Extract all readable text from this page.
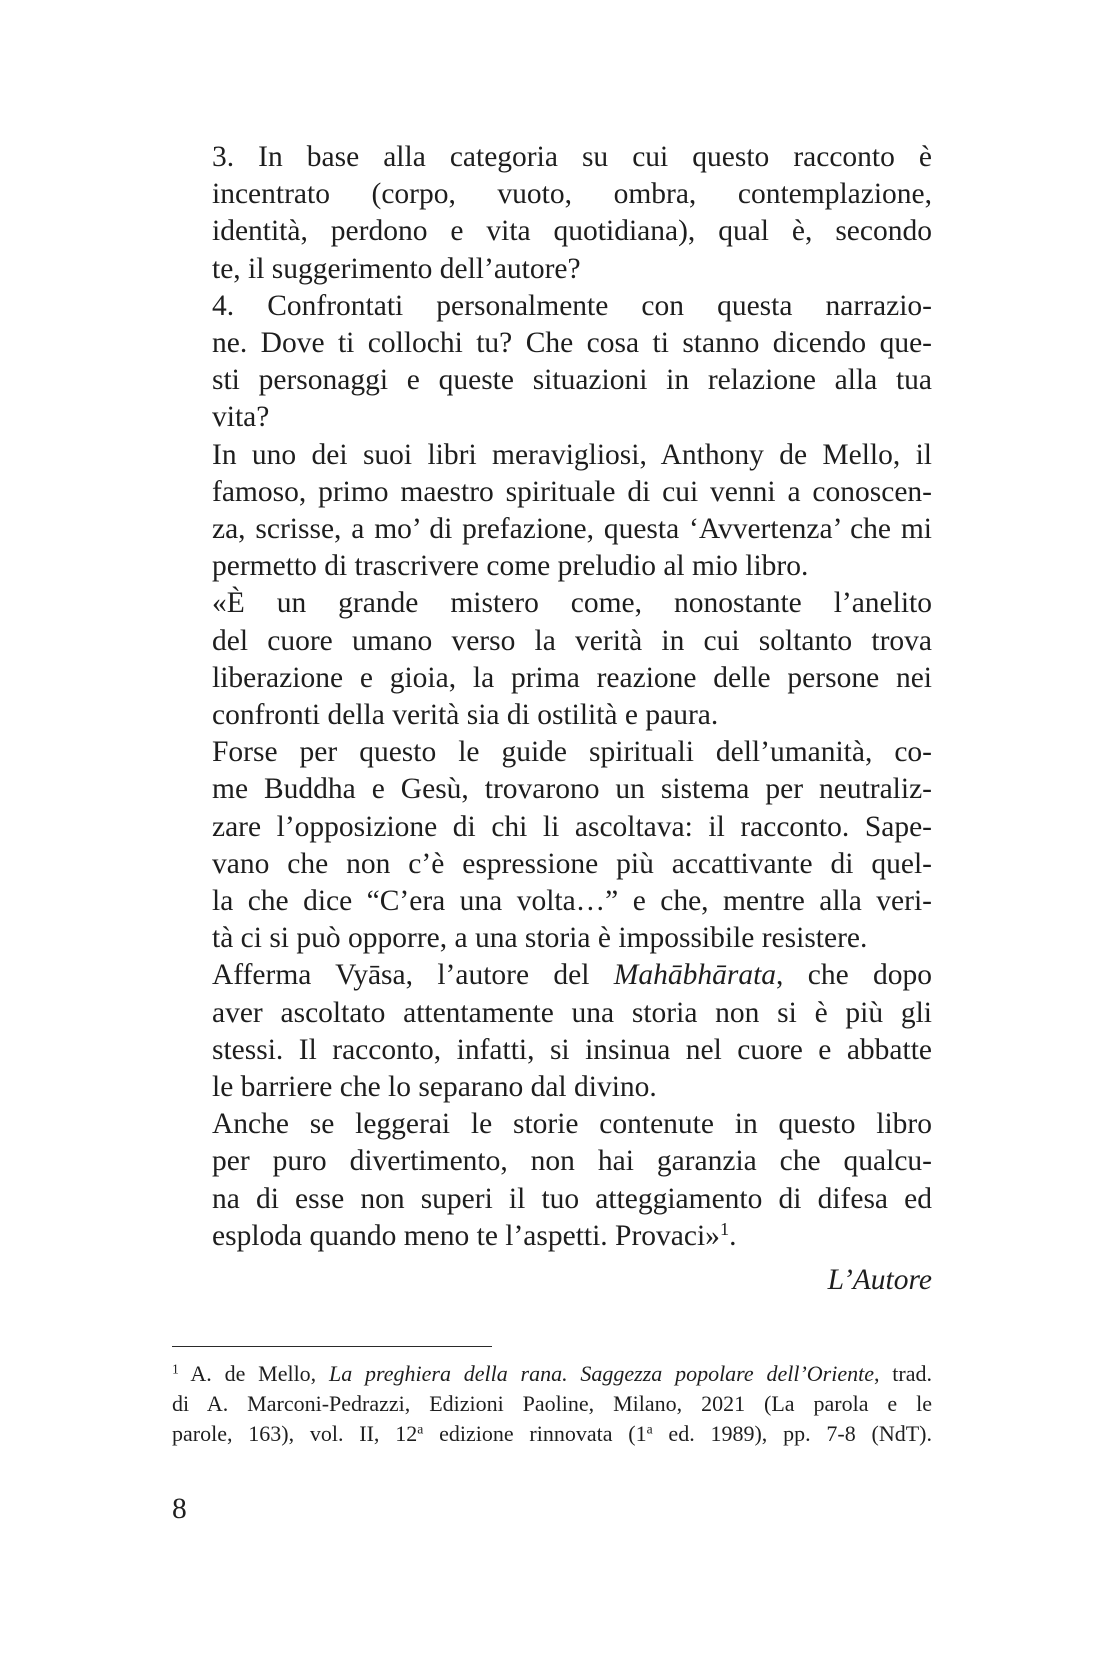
3. In base alla categoria su cui questo racconto è
incentrato (corpo, vuoto, ombra, contemplazione,
identità, perdono e vita quotidiana), qual è, secondo
te, il suggerimento dell’autore?

4. Confrontati personalmente con questa narrazio-
ne. Dove ti collochi tu? Che cosa ti stanno dicendo que-
sti personaggi e queste situazioni in relazione alla tua
vita?

In uno dei suoi libri meravigliosi, Anthony de Mello, il
famoso, primo maestro spirituale di cui venni a conoscen-
za, scrisse, a mo’ di prefazione, questa ‘Avvertenza’ che mi
permetto di trascrivere come preludio al mio libro.

«È un grande mistero come, nonostante l’anelito
del cuore umano verso la verità in cui soltanto trova
liberazione e gioia, la prima reazione delle persone nei
confronti della verità sia di ostilità e paura.

Forse per questo le guide spirituali dell’umanità, co-
me Buddha e Gesù, trovarono un sistema per neutraliz-
zare l’opposizione di chi li ascoltava: il racconto. Sape-
vano che non c’è espressione più accattivante di quel-
la che dice “C’era una volta…” e che, mentre alla veri-
tà ci si può opporre, a una storia è impossibile resistere.

Afferma Vyāsa, l’autore del Mahābhārata, che dopo
aver ascoltato attentamente una storia non si è più gli
stessi. Il racconto, infatti, si insinua nel cuore e abbatte
le barriere che lo separano dal divino.

Anche se leggerai le storie contenute in questo libro
per puro divertimento, non hai garanzia che qualcu-
na di esse non superi il tuo atteggiamento di difesa ed
esploda quando meno te l’aspetti. Provaci»$^1$.

L’Autore
$^1$ A. de Mello, La preghiera della rana. Saggezza popolare dell’Oriente, trad.
di A. Marconi-Pedrazzi, Edizioni Paoline, Milano, 2021 (La parola e le
parole, 163), vol. II, 12$^a$ edizione rinnovata (1$^a$ ed. 1989), pp. 7-8 (NdT).
8
